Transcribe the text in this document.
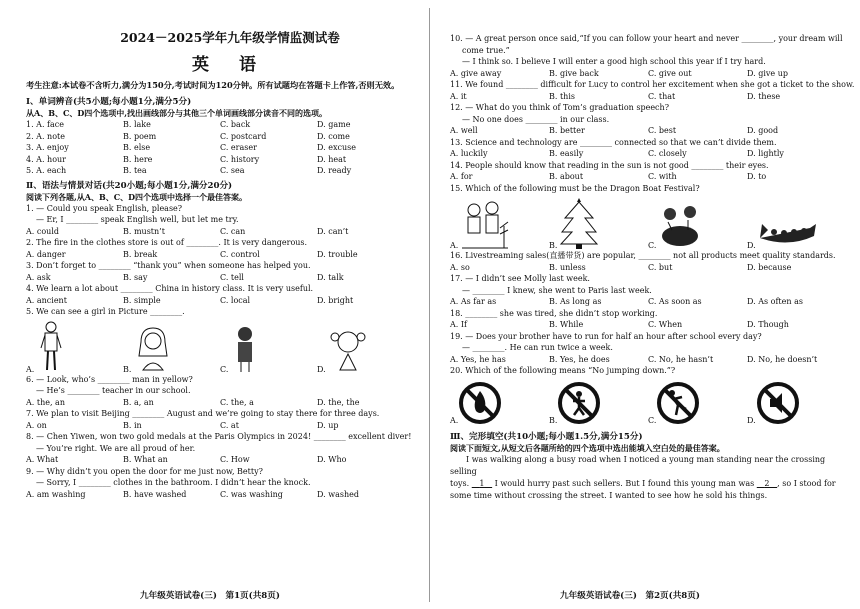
2024－2025学年九年级学情监测试卷
英 语
考生注意:本试卷不含听力,满分为150分,考试时间为120分钟。所有试题均在答题卡上作答,否则无效。
Ⅰ、单词辨音(共5小题;每小题1分,满分5分)
从A、B、C、D四个选项中,找出画线部分与其他三个单词画线部分读音不同的选项。
1. A. face	B. lake	C. back	D. game
2. A. note	B. poem	C. postcard	D. come
3. A. enjoy	B. else	C. eraser	D. excuse
4. A. hour	B. here	C. history	D. heat
5. A. each	B. tea	C. sea	D. ready
Ⅱ、语法与情景对话(共20小题;每小题1分,满分20分)
阅读下列各题,从A、B、C、D四个选项中选择一个最佳答案。
1. — Could you speak English, please?
— Er, I ________ speak English well, but let me try.
A. could	B. mustn’t	C. can	D. can’t
2. The fire in the clothes store is out of ________. It is very dangerous.
A. danger	B. break	C. control	D. trouble
3. Don’t forget to ________ “thank you” when someone has helped you.
A. ask	B. say	C. tell	D. talk
4. We learn a lot about ________ China in history class. It is very useful.
A. ancient	B. simple	C. local	D. bright
5. We can see a girl in Picture ________.
A.	B.	C.	D.
6. — Look, who’s ________ man in yellow?
— He’s ________ teacher in our school.
A. the, an	B. a, an	C. the, a	D. the, the
7. We plan to visit Beijing ________ August and we’re going to stay there for three days.
A. on	B. in	C. at	D. up
8. — Chen Yiwen, won two gold medals at the Paris Olympics in 2024! ________ excellent diver!
— You’re right. We are all proud of her.
A. What	B. What an	C. How	D. Who
9. — Why didn’t you open the door for me just now, Betty?
— Sorry, I ________ clothes in the bathroom. I didn’t hear the knock.
A. am washing	B. have washed	C. was washing	D. washed
九年级英语试卷(三)　第1页(共8页)
10. — A great person once said,“If you can follow your heart and never ________, your dream will
come true.”
— I think so. I believe I will enter a good high school this year if I try hard.
A. give away	B. give back	C. give out	D. give up
11. We found ________ difficult for Lucy to control her excitement when she got a ticket to the show.
A. it	B. this	C. that	D. these
12. — What do you think of Tom’s graduation speech?
— No one does ________ in our class.
A. well	B. better	C. best	D. good
13. Science and technology are ________ connected so that we can’t divide them.
A. luckily	B. easily	C. closely	D. lightly
14. People should know that reading in the sun is not good ________ their eyes.
A. for	B. about	C. with	D. to
15. Which of the following must be the Dragon Boat Festival?
A.	B.	C.	D.
16. Livestreaming sales(直播带货) are popular, ________ not all products meet quality standards.
A. so	B. unless	C. but	D. because
17. — I didn’t see Molly last week.
— ________ I knew, she went to Paris last week.
A. As far as	B. As long as	C. As soon as	D. As often as
18. ________ she was tired, she didn’t stop working.
A. If	B. While	C. When	D. Though
19. — Does your brother have to run for half an hour after school every day?
— ________. He can run twice a week.
A. Yes, he has	B. Yes, he does	C. No, he hasn’t	D. No, he doesn’t
20. Which of the following means “No jumping down.”?
A.	B.	C.	D.
Ⅲ、完形填空(共10小题;每小题1.5分,满分15分)
阅读下面短文,从短文后各题所给的四个选项中选出能填入空白处的最佳答案。
I was walking along a busy road when I noticed a young man standing near the crossing selling
toys. 1 I would hurry past such sellers. But I found this young man was 2 , so I stood for
some time without crossing the street. I wanted to see how he sold his things.
九年级英语试卷(三)　第2页(共8页)
